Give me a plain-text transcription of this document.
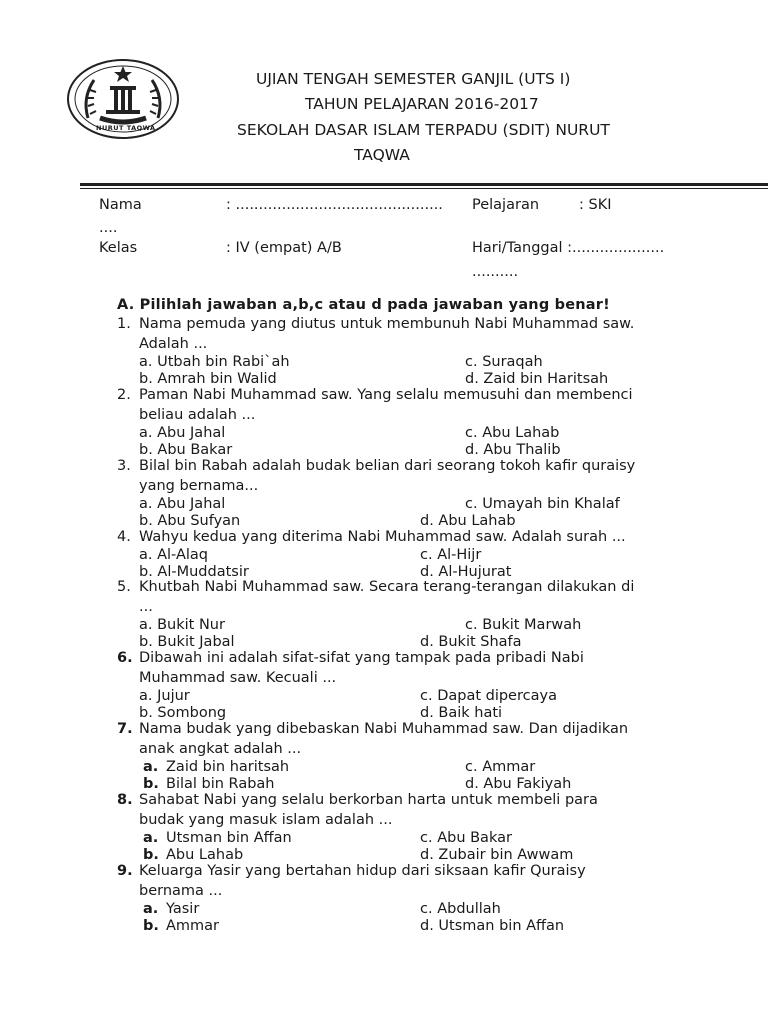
NURUT TAQWA
UJIAN TENGAH SEMESTER GANJIL (UTS I)
TAHUN PELAJARAN 2016-2017
SEKOLAH DASAR ISLAM TERPADU (SDIT) NURUT
TAQWA
Nama	: .............................................
....
Pelajaran	: SKI
Kelas	: IV (empat) A/B	Hari/Tanggal :....................
..........
A. Pilihlah jawaban a,b,c atau d pada jawaban yang benar!
1. Nama pemuda yang diutus untuk membunuh Nabi Muhammad saw.
Adalah ...
a. Utbah bin Rabi`ah
b. Amrah bin Walid
c. Suraqah
d. Zaid bin Haritsah
2. Paman Nabi Muhammad saw. Yang selalu memusuhi dan membenci
beliau adalah ...
a. Abu Jahal
b. Abu Bakar
c. Abu Lahab
d. Abu Thalib
3. Bilal bin Rabah adalah budak belian dari seorang tokoh kafir quraisy
yang bernama...
a. Abu Jahal
b. Abu Sufyan
c. Umayah bin Khalaf
d. Abu Lahab
4. Wahyu kedua yang diterima Nabi Muhammad saw. Adalah surah ...
a. Al-Alaq
b. Al-Muddatsir
c. Al-Hijr
d. Al-Hujurat
5. Khutbah Nabi Muhammad saw. Secara terang-terangan dilakukan di
...
a. Bukit Nur
b. Bukit Jabal
c. Bukit Marwah
d. Bukit Shafa
6. Dibawah ini adalah sifat-sifat yang tampak pada pribadi Nabi
Muhammad saw. Kecuali ...
a. Jujur
b. Sombong
c. Dapat dipercaya
d. Baik hati
7. Nama budak yang dibebaskan Nabi Muhammad saw. Dan dijadikan
anak angkat adalah ...
a. Zaid bin haritsah
b. Bilal bin Rabah
c. Ammar
d. Abu Fakiyah
8. Sahabat Nabi yang selalu berkorban harta untuk membeli para
budak yang masuk islam adalah ...
a. Utsman bin Affan
b. Abu Lahab
c. Abu Bakar
d. Zubair bin Awwam
9. Keluarga Yasir yang bertahan hidup dari siksaan kafir Quraisy
bernama ...
a. Yasir
b. Ammar
c. Abdullah
d. Utsman bin Affan
